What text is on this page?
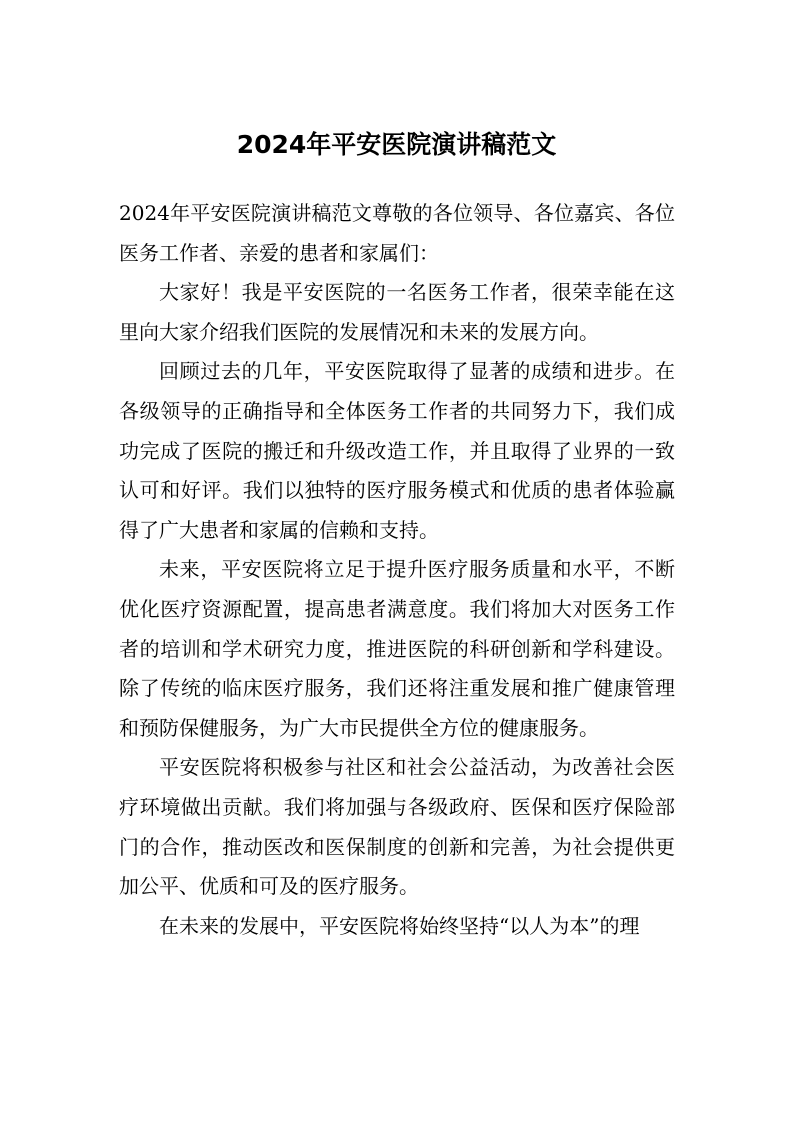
2024年平安医院演讲稿范文

2024年平安医院演讲稿范文尊敬的各位领导、各位嘉宾、各位医务工作者、亲爱的患者和家属们：

大家好！我是平安医院的一名医务工作者，很荣幸能在这里向大家介绍我们医院的发展情况和未来的发展方向。

回顾过去的几年，平安医院取得了显著的成绩和进步。在各级领导的正确指导和全体医务工作者的共同努力下，我们成功完成了医院的搬迁和升级改造工作，并且取得了业界的一致认可和好评。我们以独特的医疗服务模式和优质的患者体验赢得了广大患者和家属的信赖和支持。

未来，平安医院将立足于提升医疗服务质量和水平，不断优化医疗资源配置，提高患者满意度。我们将加大对医务工作者的培训和学术研究力度，推进医院的科研创新和学科建设。除了传统的临床医疗服务，我们还将注重发展和推广健康管理和预防保健服务，为广大市民提供全方位的健康服务。

平安医院将积极参与社区和社会公益活动，为改善社会医疗环境做出贡献。我们将加强与各级政府、医保和医疗保险部门的合作，推动医改和医保制度的创新和完善，为社会提供更加公平、优质和可及的医疗服务。

在未来的发展中，平安医院将始终坚持“以人为本”的理
